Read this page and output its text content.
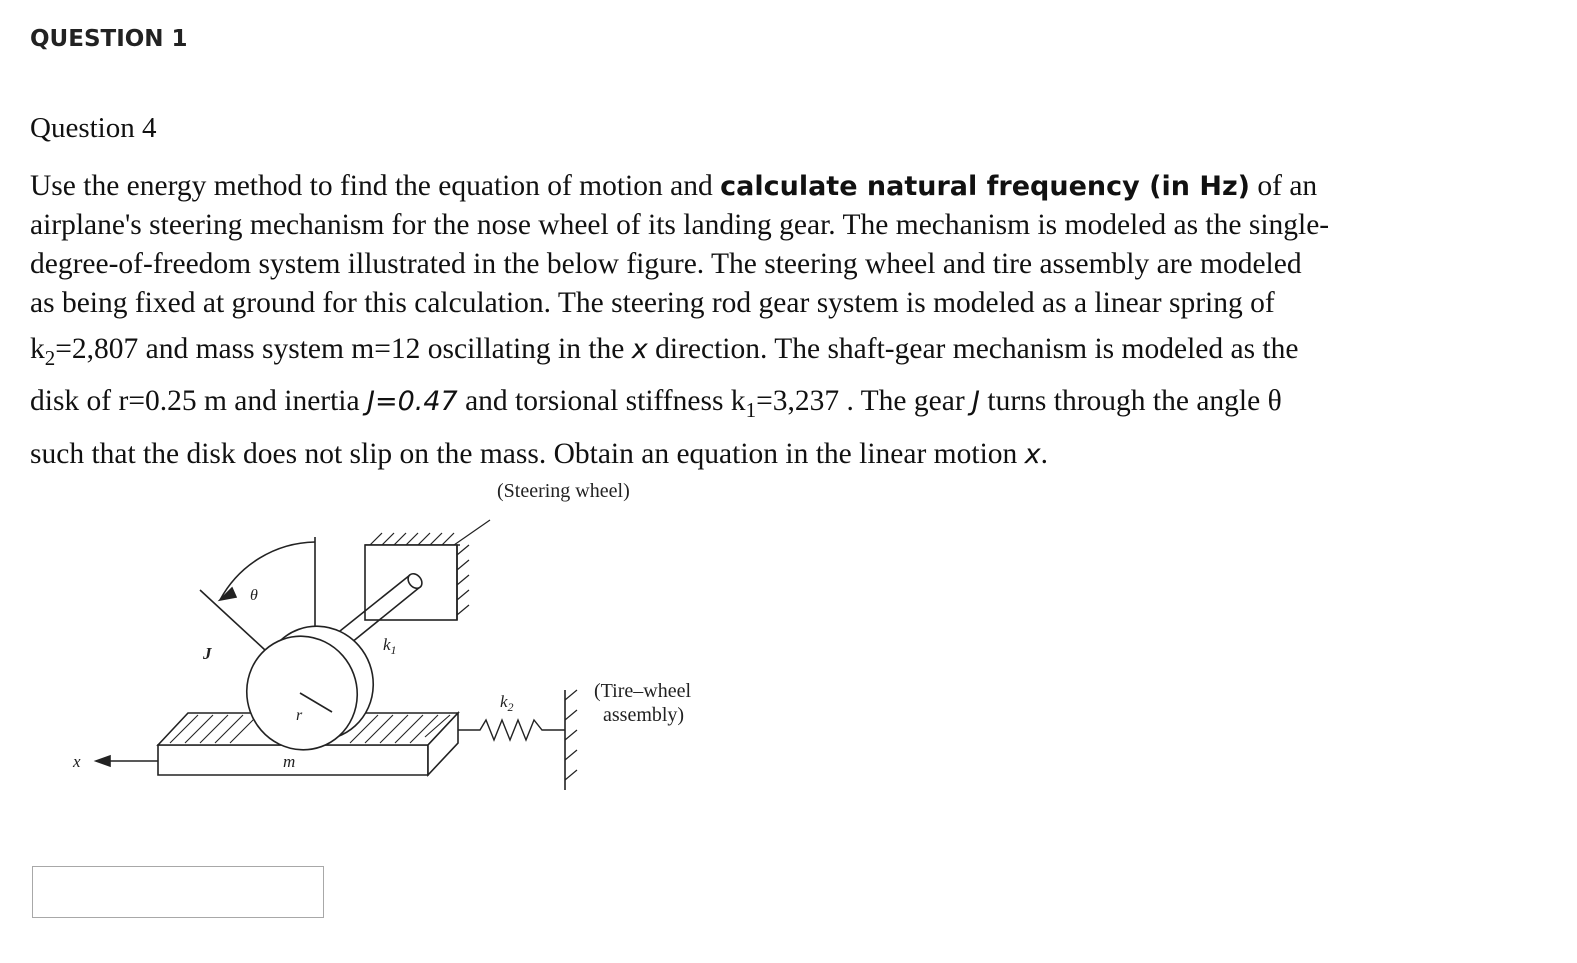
QUESTION 1
Question 4
Use the energy method to find the equation of motion and calculate natural frequency (in Hz) of an
airplane's steering mechanism for the nose wheel of its landing gear. The mechanism is modeled as the single-
degree-of-freedom system illustrated in the below figure. The steering wheel and tire assembly are modeled
as being fixed at ground for this calculation. The steering rod gear system is modeled as a linear spring of
$k_2=2,807$ and mass system m=12 oscillating in the x direction. The shaft-gear mechanism is modeled as the
disk of r=0.25 m and inertia J=0.47 and torsional stiffness $k_1=3,237$ . The gear J turns through the angle θ
such that the disk does not slip on the mass. Obtain an equation in the linear motion x.
(Steering wheel)
(Tire–wheel
assembly)
θ
J	$k_1$
$k_2$
r
m
x
